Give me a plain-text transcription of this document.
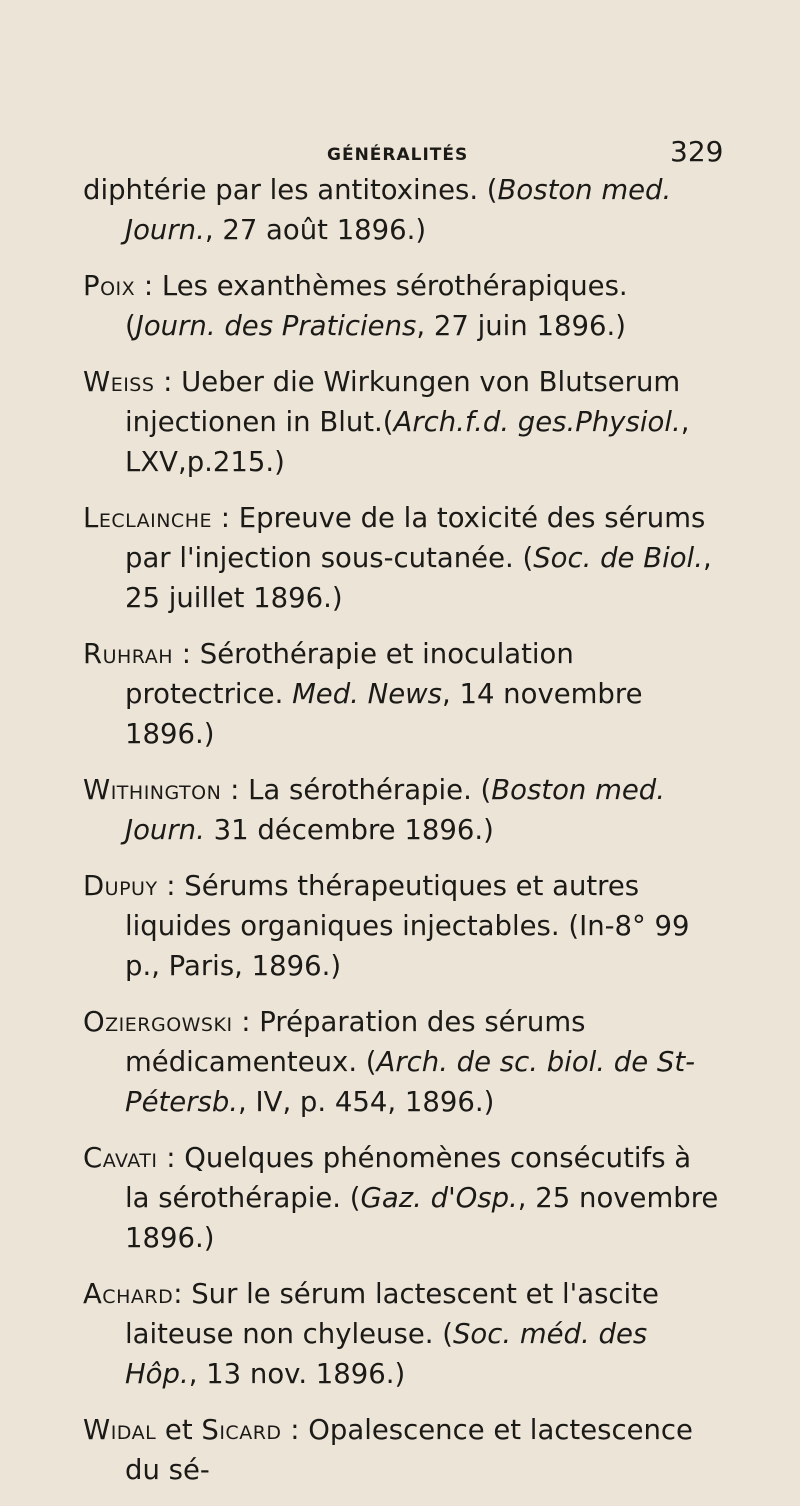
GÉNÉRALITÉS	329

diphtérie par les antitoxines. (Boston med. Journ., 27 août 1896.)

Poix : Les exanthèmes sérothérapiques. (Journ. des Praticiens, 27 juin 1896.)

Weiss : Ueber die Wirkungen von Blutserum injectionen in Blut.(Arch.f.d. ges.Physiol., LXV,p.215.)

Leclainche : Epreuve de la toxicité des sérums par l'injection sous-cutanée. (Soc. de Biol., 25 juillet 1896.)

Ruhrah : Sérothérapie et inoculation protectrice. Med. News, 14 novembre 1896.)

Withington : La sérothérapie. (Boston med. Journ. 31 décembre 1896.)

Dupuy : Sérums thérapeutiques et autres liquides organiques injectables. (In-8° 99 p., Paris, 1896.)

Oziergowski : Préparation des sérums médicamenteux. (Arch. de sc. biol. de St-Pétersb., IV, p. 454, 1896.)

Cavati : Quelques phénomènes consécutifs à la sérothérapie. (Gaz. d'Osp., 25 novembre 1896.)

Achard: Sur le sérum lactescent et l'ascite laiteuse non chyleuse. (Soc. méd. des Hôp., 13 nov. 1896.)

Widal et Sicard : Opalescence et lactescence du sé-
